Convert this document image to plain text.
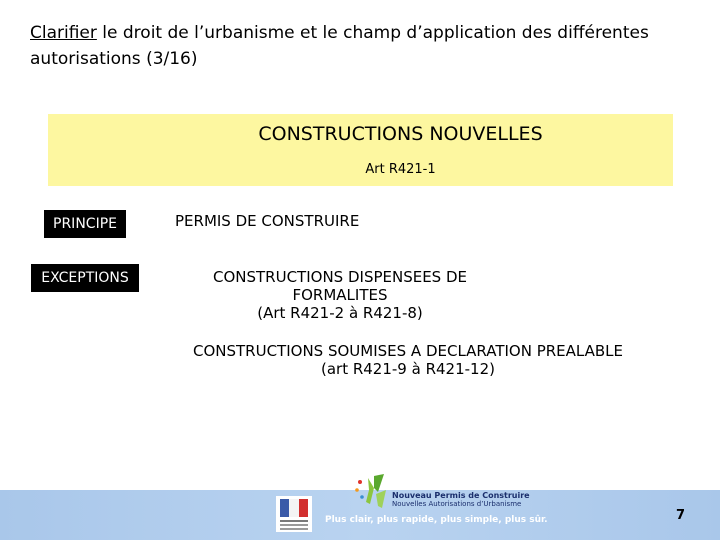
Clarifier le droit de l’urbanisme et le champ d’application des différentes autorisations (3/16)
CONSTRUCTIONS NOUVELLES
Art R421-1
PRINCIPE	PERMIS DE CONSTRUIRE
EXCEPTIONS	CONSTRUCTIONS DISPENSEES DE FORMALITES
(Art R421-2 à R421-8)
CONSTRUCTIONS SOUMISES A DECLARATION PREALABLE
(art R421-9 à R421-12)
Nouveau Permis de Construire
Nouvelles Autorisations d’Urbanisme
Plus clair, plus rapide, plus simple, plus sûr.	7
